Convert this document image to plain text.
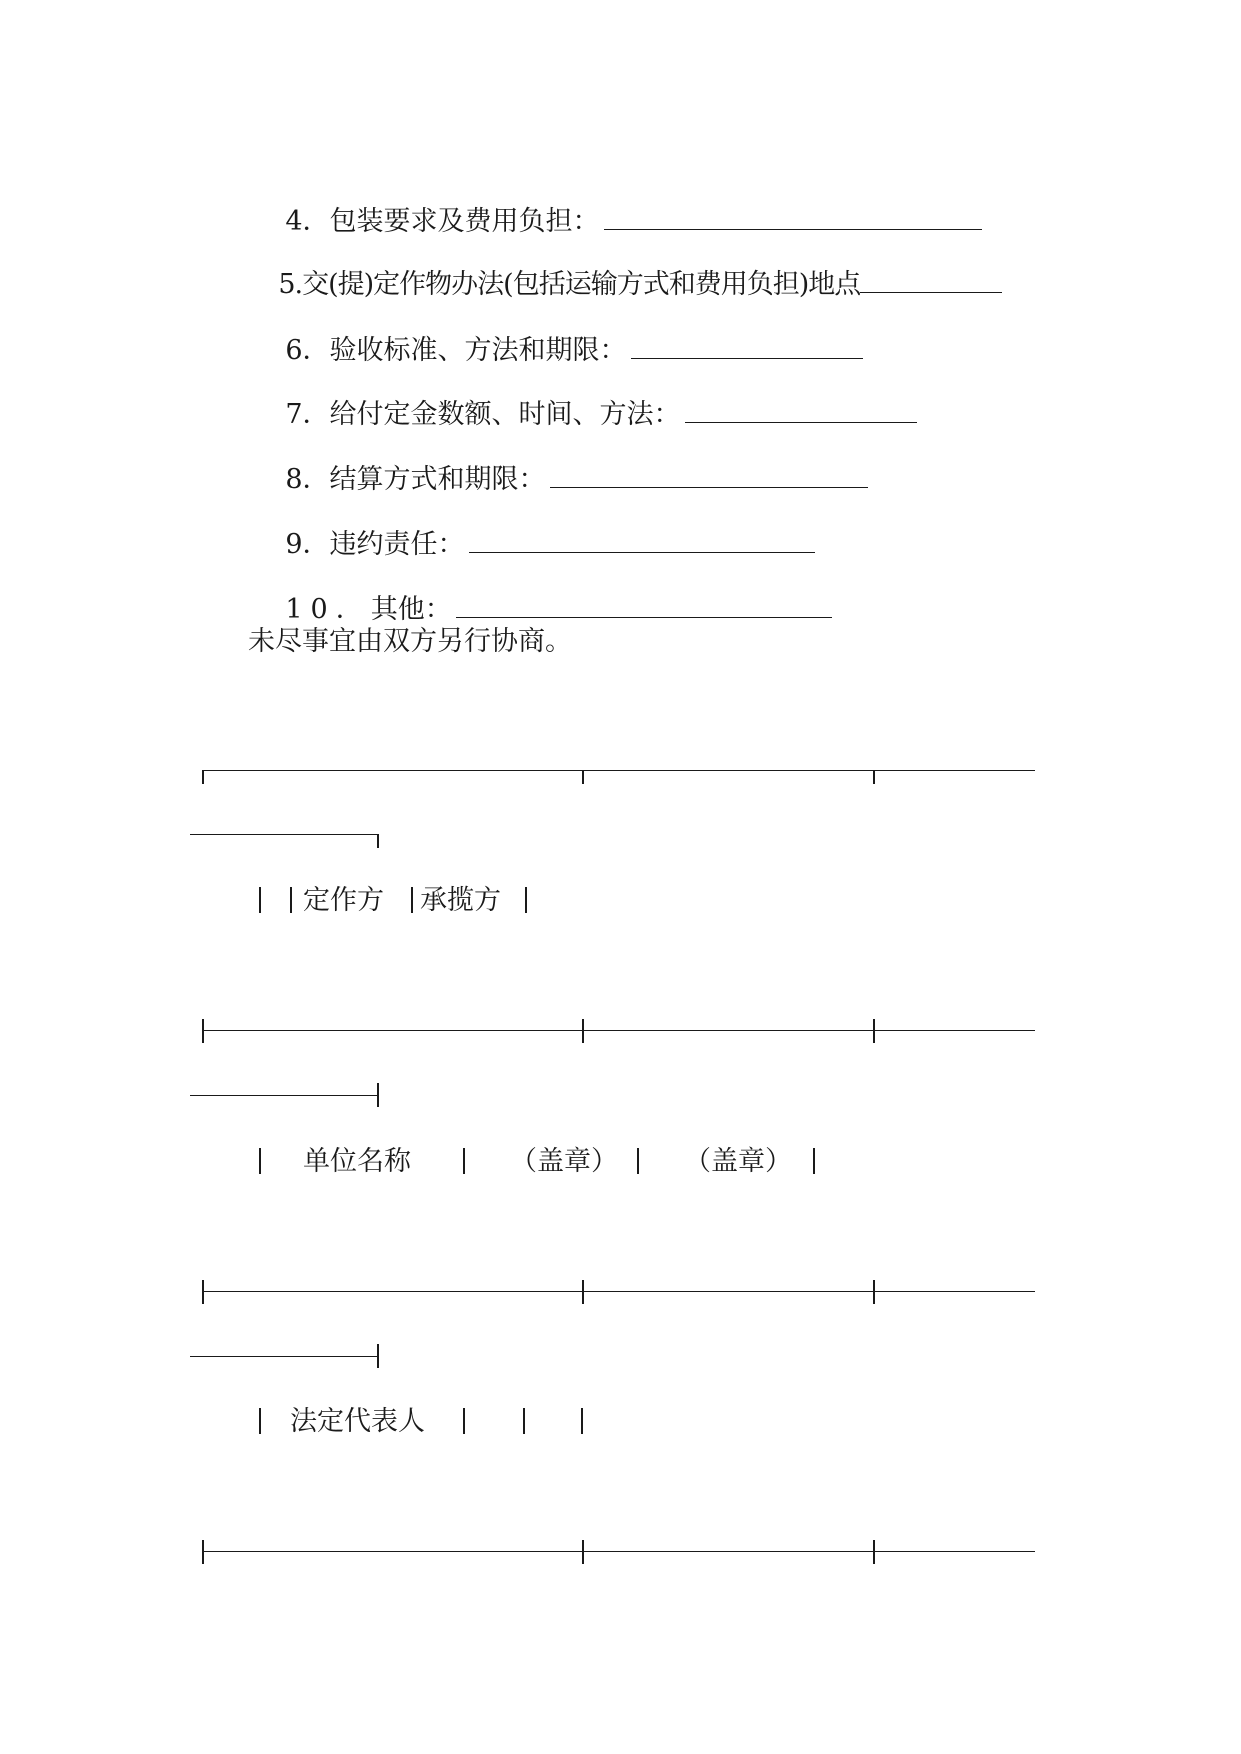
4．包装要求及费用负担：

5.交(提)定作物办法(包括运输方式和费用负担)地点

6．验收标准、方法和期限：

7．给付定金数额、时间、方法：

8．结算方式和期限：

9．违约责任：

10．其他：

未尽事宜由双方另行协商。
定作方 承揽方
单位名称	（盖章） （盖章）
法定代表人
